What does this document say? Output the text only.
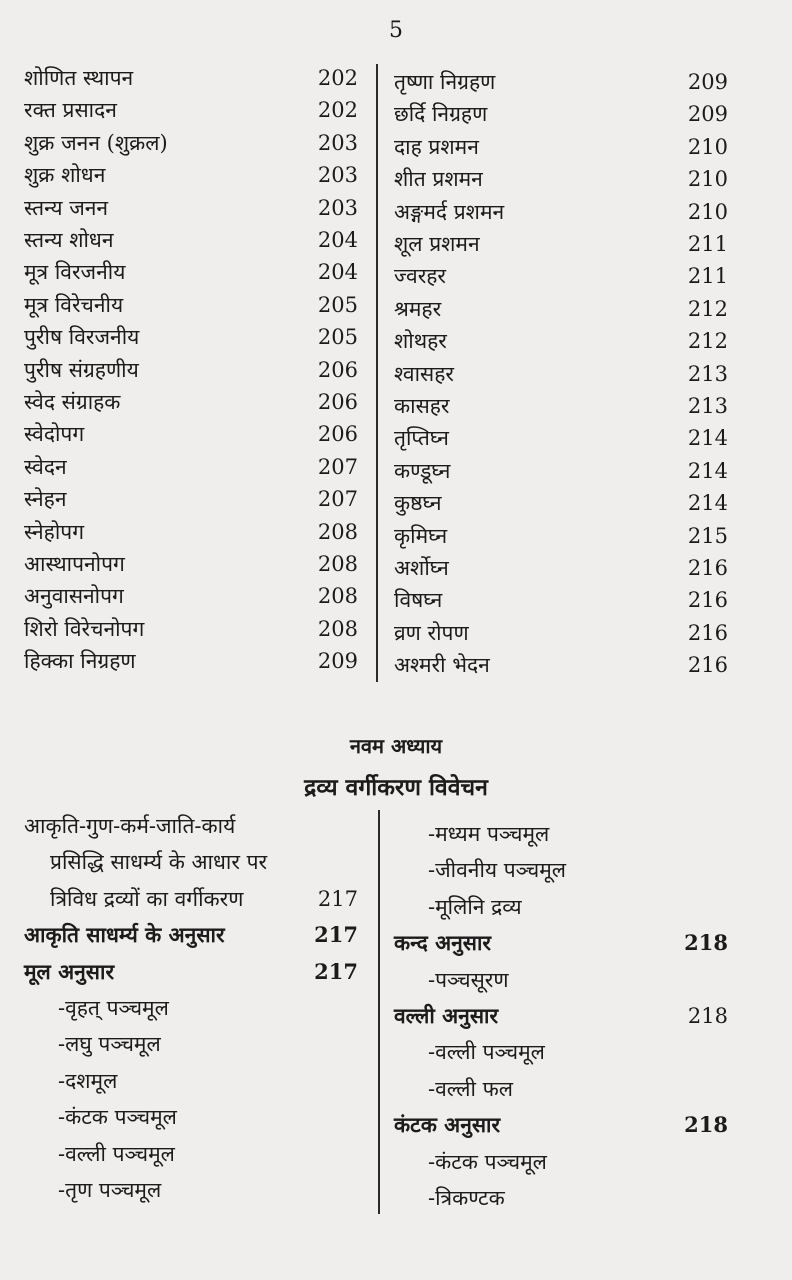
5
शोणित स्थापन	202
रक्त प्रसादन	202
शुक्र जनन (शुक्रल)	203
शुक्र शोधन	203
स्तन्य जनन	203
स्तन्य शोधन	204
मूत्र विरजनीय	204
मूत्र विरेचनीय	205
पुरीष विरजनीय	205
पुरीष संग्रहणीय	206
स्वेद संग्राहक	206
स्वेदोपग	206
स्वेदन	207
स्नेहन	207
स्नेहोपग	208
आस्थापनोपग	208
अनुवासनोपग	208
शिरो विरेचनोपग	208
हिक्का निग्रहण	209
तृष्णा निग्रहण	209
छर्दि निग्रहण	209
दाह प्रशमन	210
शीत प्रशमन	210
अङ्गमर्द प्रशमन	210
शूल प्रशमन	211
ज्वरहर	211
श्रमहर	212
शोथहर	212
श्वासहर	213
कासहर	213
तृप्तिघ्न	214
कण्डूघ्न	214
कुष्ठघ्न	214
कृमिघ्न	215
अर्शोघ्न	216
विषघ्न	216
व्रण रोपण	216
अश्मरी भेदन	216
नवम अध्याय
द्रव्य वर्गीकरण विवेचन
आकृति-गुण-कर्म-जाति-कार्य
प्रसिद्धि साधर्म्य के आधार पर
त्रिविध द्रव्यों का वर्गीकरण	217
आकृति साधर्म्य के अनुसार	217
मूल अनुसार	217
-वृहत् पञ्चमूल
-लघु पञ्चमूल
-दशमूल
-कंटक पञ्चमूल
-वल्ली पञ्चमूल
-तृण पञ्चमूल
-मध्यम पञ्चमूल
-जीवनीय पञ्चमूल
-मूलिनि द्रव्य
कन्द अनुसार	218
-पञ्चसूरण
वल्ली अनुसार	218
-वल्ली पञ्चमूल
-वल्ली फल
कंटक अनुसार	218
-कंटक पञ्चमूल
-त्रिकण्टक
